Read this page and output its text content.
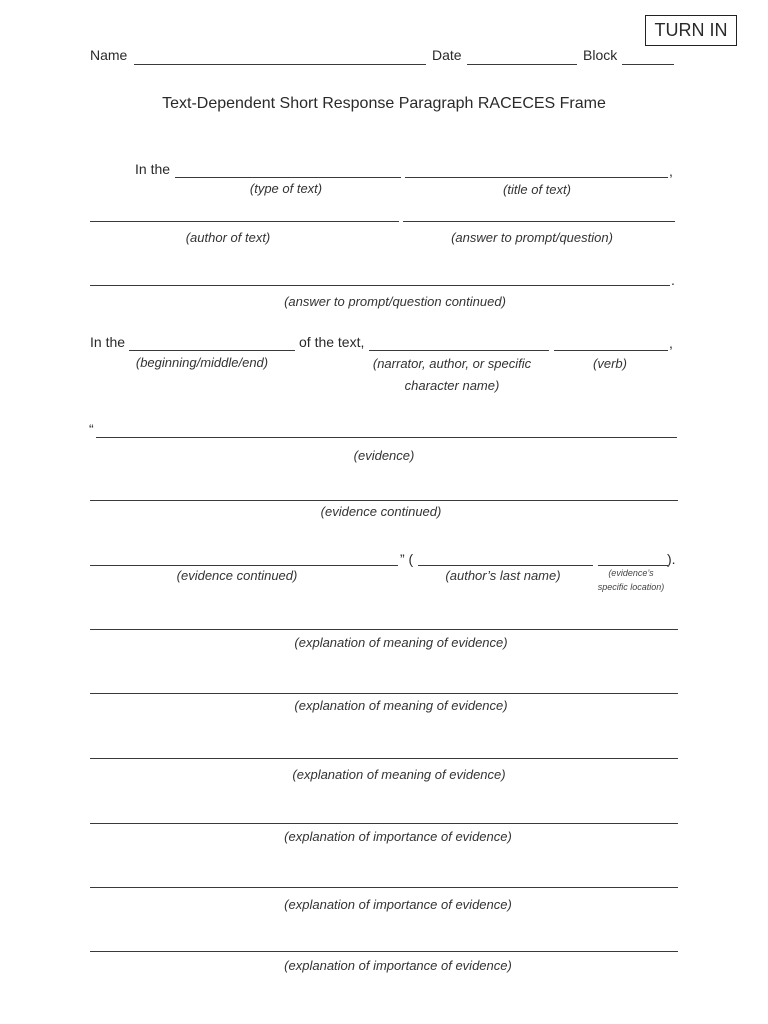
TURN IN
Name	Date	Block
Text-Dependent Short Response Paragraph RACECES Frame
In the	,
(type of text)	(title of text)
(author of text)	(answer to prompt/question)
.
(answer to prompt/question continued)
In the	of the text,	,
(beginning/middle/end)	(narrator, author, or specific
character name)
(verb)
“
(evidence)
(evidence continued)
” (	).
(evidence continued)	(author’s last name)	(evidence’s
specific location)
(explanation of meaning of evidence)
(explanation of meaning of evidence)
(explanation of meaning of evidence)
(explanation of importance of evidence)
(explanation of importance of evidence)
(explanation of importance of evidence)
